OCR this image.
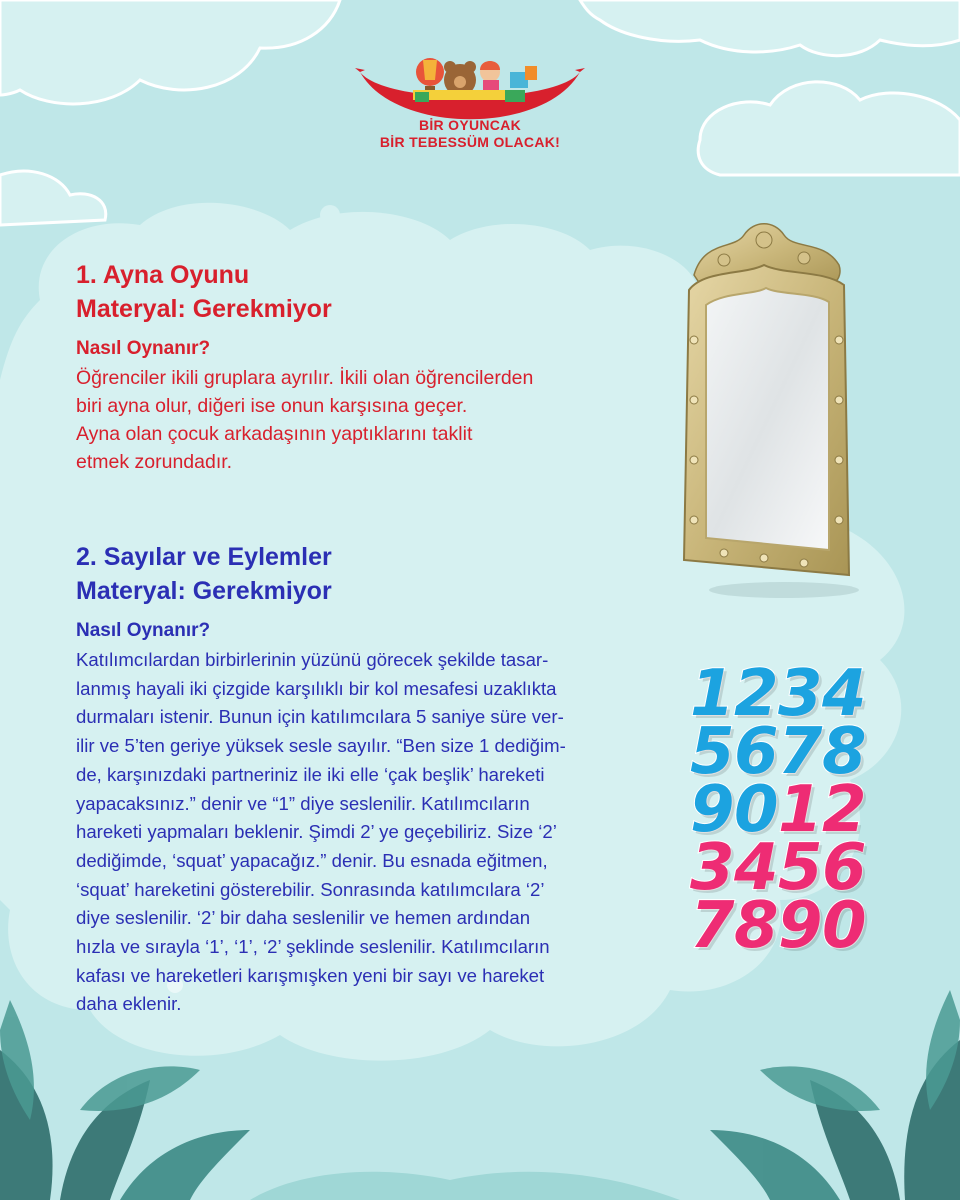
BİR OYUNCAK
BİR TEBESSÜM OLACAK!

1. Ayna Oyunu

Materyal: Gerekmiyor

Nasıl Oynanır?

Öğrenciler ikili gruplara ayrılır. İkili olan öğrencilerden

biri ayna olur, diğeri ise onun karşısına geçer.

Ayna olan çocuk arkadaşının yaptıklarını taklit

etmek zorundadır.

2. Sayılar ve Eylemler

Materyal: Gerekmiyor

Nasıl Oynanır?

Katılımcılardan birbirlerinin yüzünü görecek şekilde tasar-

lanmış hayali iki çizgide karşılıklı bir kol mesafesi uzaklıkta

durmaları istenir. Bunun için katılımcılara 5 saniye süre ver-

ilir ve 5’ten geriye yüksek sesle sayılır. “Ben size 1 dediğim-

de, karşınızdaki partneriniz ile iki elle ‘çak beşlik’ hareketi

yapacaksınız.” denir ve “1” diye seslenilir. Katılımcıların

hareketi yapmaları beklenir. Şimdi 2’ ye geçebiliriz. Size ‘2’

dediğimde, ‘squat’ yapacağız.” denir. Bu esnada eğitmen,

‘squat’ hareketini gösterebilir. Sonrasında katılımcılara ‘2’

diye seslenilir. ‘2’ bir daha seslenilir ve hemen ardından

hızla ve sırayla ‘1’, ‘1’, ‘2’ şeklinde seslenilir. Katılımcıların

kafası ve hareketleri karışmışken yeni bir sayı ve hareket

daha eklenir.

1 2 3 4
5 6 7 8
9 0 1 2
3 4 5 6
7 8 9 0
